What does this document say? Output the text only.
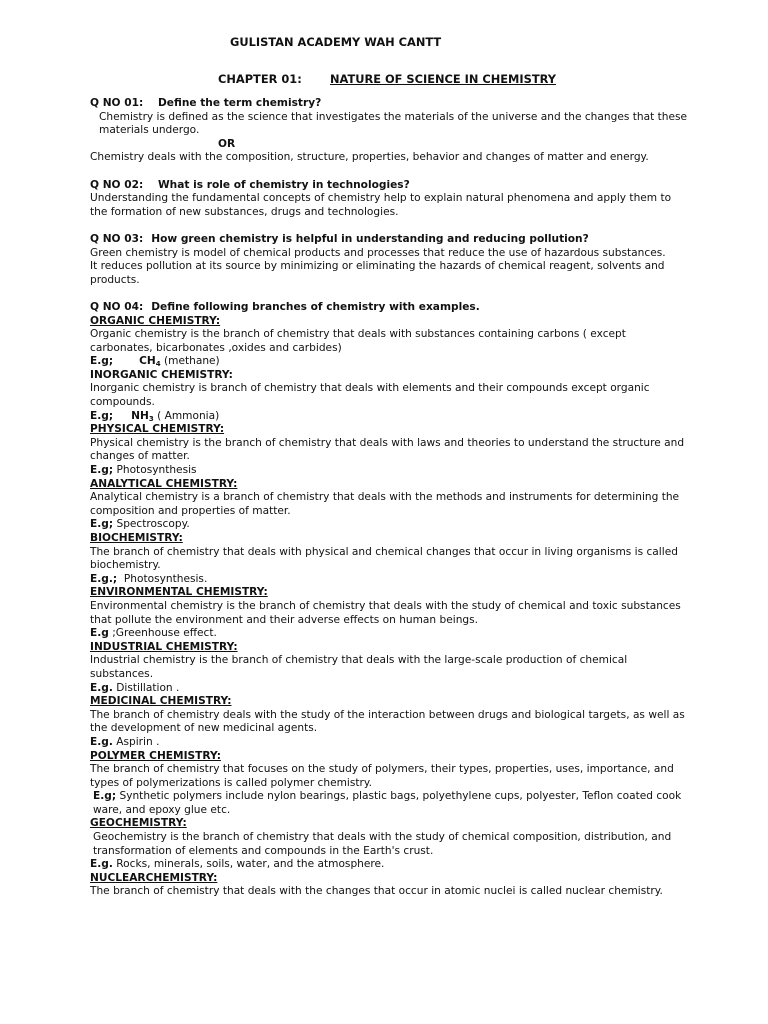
GULISTAN ACADEMY WAH CANTT
CHAPTER 01: NATURE OF SCIENCE IN CHEMISTRY

Q NO 01: Define the term chemistry?

Chemistry is defined as the science that investigates the materials of the universe and the changes that these materials undergo.

OR

Chemistry deals with the composition, structure, properties, behavior and changes of matter and energy.

Q NO 02: What is role of chemistry in technologies?

Understanding the fundamental concepts of chemistry help to explain natural phenomena and apply them to the formation of new substances, drugs and technologies.

Q NO 03: How green chemistry is helpful in understanding and reducing pollution?

Green chemistry is model of chemical products and processes that reduce the use of hazardous substances.

It reduces pollution at its source by minimizing or eliminating the hazards of chemical reagent, solvents and products.

Q NO 04: Define following branches of chemistry with examples.

ORGANIC CHEMISTRY:

Organic chemistry is the branch of chemistry that deals with substances containing carbons ( except carbonates, bicarbonates ,oxides and carbides)

E.g; $CH_4$ (methane)

INORGANIC CHEMISTRY:

Inorganic chemistry is branch of chemistry that deals with elements and their compounds except organic compounds.

E.g; $NH_3$ ( Ammonia)

PHYSICAL CHEMISTRY:

Physical chemistry is the branch of chemistry that deals with laws and theories to understand the structure and changes of matter.

E.g; Photosynthesis

ANALYTICAL CHEMISTRY:

Analytical chemistry is a branch of chemistry that deals with the methods and instruments for determining the composition and properties of matter.

E.g; Spectroscopy.

BIOCHEMISTRY:

The branch of chemistry that deals with physical and chemical changes that occur in living organisms is called biochemistry.

E.g.; Photosynthesis.

ENVIRONMENTAL CHEMISTRY:

Environmental chemistry is the branch of chemistry that deals with the study of chemical and toxic substances that pollute the environment and their adverse effects on human beings.

E.g ;Greenhouse effect.

INDUSTRIAL CHEMISTRY:

Industrial chemistry is the branch of chemistry that deals with the large-scale production of chemical substances.

E.g. Distillation .

MEDICINAL CHEMISTRY:

The branch of chemistry deals with the study of the interaction between drugs and biological targets, as well as the development of new medicinal agents.

E.g. Aspirin .

POLYMER CHEMISTRY:

The branch of chemistry that focuses on the study of polymers, their types, properties, uses, importance, and types of polymerizations is called polymer chemistry.

E.g; Synthetic polymers include nylon bearings, plastic bags, polyethylene cups, polyester, Teflon coated cook ware, and epoxy glue etc.

GEOCHEMISTRY:

Geochemistry is the branch of chemistry that deals with the study of chemical composition, distribution, and transformation of elements and compounds in the Earth's crust.

E.g. Rocks, minerals, soils, water, and the atmosphere.

NUCLEARCHEMISTRY:

The branch of chemistry that deals with the changes that occur in atomic nuclei is called nuclear chemistry.
